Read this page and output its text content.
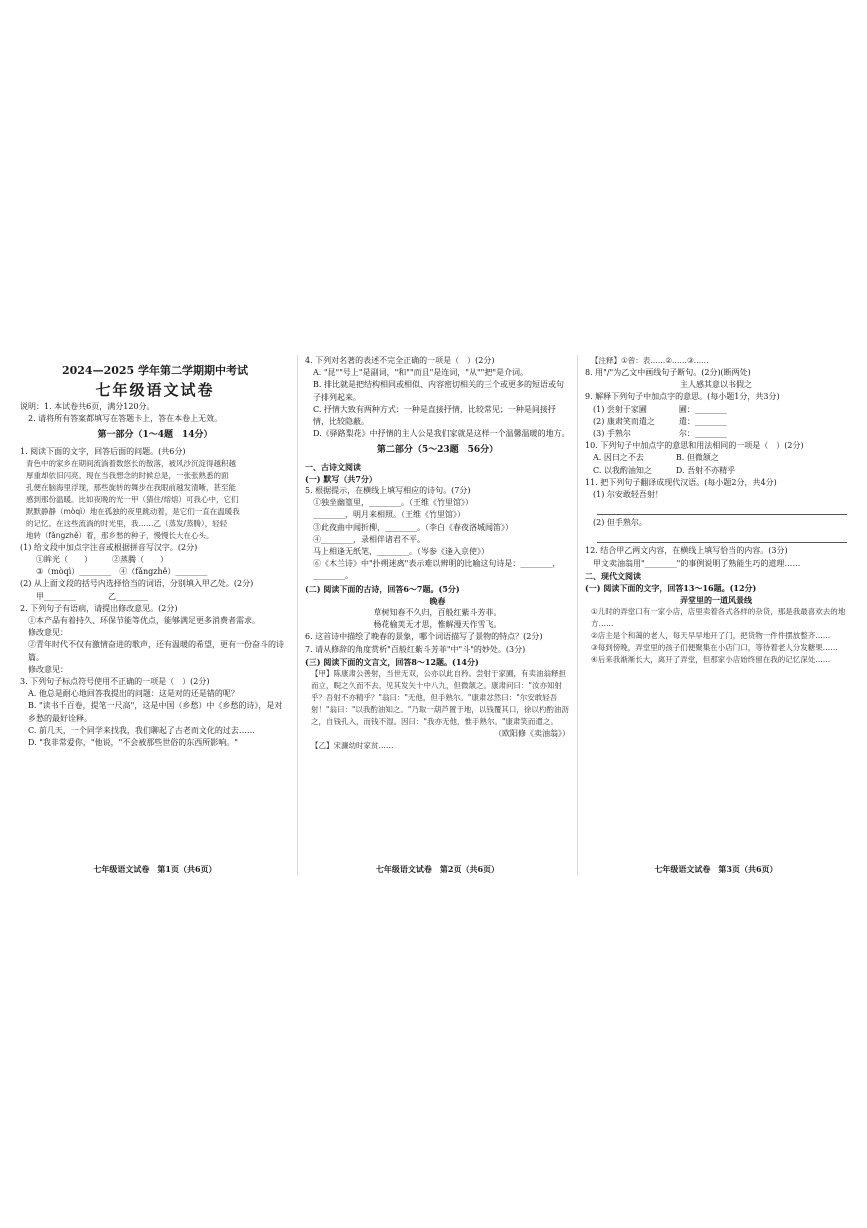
2024—2025 学年第二学期期中考试
七年级语文试卷
说明：1. 本试卷共6页，满分120分。
2. 请将所有答案都填写在答题卡上，答在本卷上无效。
第一部分（1～4题　14分）
1. 阅读下面的文字，回答后面的问题。(共6分)
青色中的家乡在期间流淌着数悠长的散落，被风沙沉淀得越积越
厚重却依旧闪亮。现在当我想念的时候总是，一张张熟悉的面
孔便在脑海里浮现，那些旋转的舞步在我眼前越发清晰，甚至能
感到那份温暖。比如夜晚的光一甲（猜住/熔熔）可我心中，它们
默默静静（mòqì）地在孤独的夜里跳动着，是它们一直在温暖我
的记忆。在这些流淌的时光里，我……乙（蒸发/蒸腾），轻轻
地转（fǎngzhě）着，那乡愁的种子，慢慢长大在心头。
(1) 给文段中加点字注音或根据拼音写汉字。(2分)
①眸光（　　）　　　②蒸腾（　　）
③（mòqì）________　④（fǎngzhě）________
(2) 从上面文段的括号内选择恰当的词语，分别填入甲乙处。(2分)
甲________　　　　乙________
2. 下列句子有语病，请提出修改意见。(2分)
①本产品有着持久、环保节能等优点，能够满足更多消费者需求。
修改意见：
②青年时代不仅有激情奋进的歌声，还有温暖的希望，更有一份奋斗的诗篇。
修改意见：
3. 下列句子标点符号使用不正确的一项是（　）(2分)
A. 他总是耐心地回答我提出的问题：这是对的还是错的呢？
B. "读书千百卷，提笔一尺高"，这是中国（乡愁）中《乡愁的诗》，是对乡愁的最好诠释。
C. 前几天，一个同学来找我，我们聊起了古老而文化的过去……
D. "我非常爱你，"他说，"不会被那些世俗的东西所影响。"
七年级语文试卷　第1页（共6页）
4. 下列对名著的表述不完全正确的一项是（　）(2分)
A. "昆""号上"是副词，"和""而且"是连词，"从""把"是介词。
B. 排比就是把结构相同或相似、内容密切相关的三个或更多的短语或句子排列起来。
C. 抒情大致有两种方式：一种是直接抒情，比较常见；一种是间接抒情，比较隐蔽。
D.《驿路梨花》中抒情的主人公是我们家就是这样一个温馨温暖的地方。
第二部分（5～23题　56分）
一、古诗文阅读
(一) 默写（共7分）
5. 根据提示，在横线上填写相应的诗句。(7分)
①独坐幽篁里，________。（王维《竹里馆》）
________，明月来相照。（王维《竹里馆》）
③此夜曲中闻折柳，________。（李白《春夜洛城闻笛》）
④________，录相伴诸君不平。
马上相逢无纸笔，________。（岑参《逢入京使》）
⑥《木兰诗》中"扑朔迷离"表示难以辨明的比喻这句诗是：________，________。
(二) 阅读下面的古诗，回答6～7题。(5分)
晚春
草树知春不久归，百般红紫斗芳菲。
杨花榆荚无才思，惟解漫天作雪飞。
6. 这首诗中描绘了晚春的景象，哪个词语描写了景物的特点？(2分)
7. 请从修辞的角度赏析"百般红紫斗芳菲"中"斗"的妙处。(3分)
(三) 阅读下面的文言文，回答8～12题。(14分)
【甲】陈康肃公善射，当世无双，公亦以此自矜。尝射于家圃，有卖油翁释担而立，睨之久而不去。见其发矢十中八九，但微颔之。康肃问曰："汝亦知射乎？吾射不亦精乎？"翁曰："无他，但手熟尔。"康肃忿然曰："尔安敢轻吾射！"翁曰："以我酌油知之。"乃取一葫芦置于地，以钱覆其口，徐以杓酌油沥之，自钱孔入，而钱不湿。因曰："我亦无他，惟手熟尔。"康肃笑而遣之。
（欧阳修《卖油翁》）
【乙】宋濂幼时家贫……
七年级语文试卷　第2页（共6页）
【注释】①曾：表……②……③……
8. 用"/"为乙文中画线句子断句。(2分)(断两处)
主人感其意以书假之
9. 解释下列句子中加点字的意思。(每小题1分，共3分)
(1) 尝射于家圃　　　　圃：________
(2) 康肃笑而遣之　　　遣：________
(3) 手熟尔　　　　　　尔：________
10. 下列句子中加点字的意思和用法相同的一项是（　）(2分)
A. 因曰之不去　　　　B. 但微颔之
C. 以我酌油知之　　　D. 吾射不亦精乎
11. 把下列句子翻译成现代汉语。(每小题2分，共4分)
(1) 尔安敢轻吾射！
(2) 但手熟尔。
12. 结合甲乙两文内容，在横线上填写恰当的内容。(3分)
甲文卖油翁用"________"的事例说明了熟能生巧的道理……
二、现代文阅读
(一) 阅读下面的文字，回答13～16题。(12分)
弄堂里的一道风景线
①儿时的弄堂口有一家小店，店里卖着各式各样的杂货，那是我最喜欢去的地方……
②店主是个和蔼的老人，每天早早地开了门，把货物一件件摆放整齐……
③每到傍晚，弄堂里的孩子们便聚集在小店门口，等待着老人分发糖果……
④后来我渐渐长大，离开了弄堂，但那家小店始终留在我的记忆深处……
七年级语文试卷　第3页（共6页）
